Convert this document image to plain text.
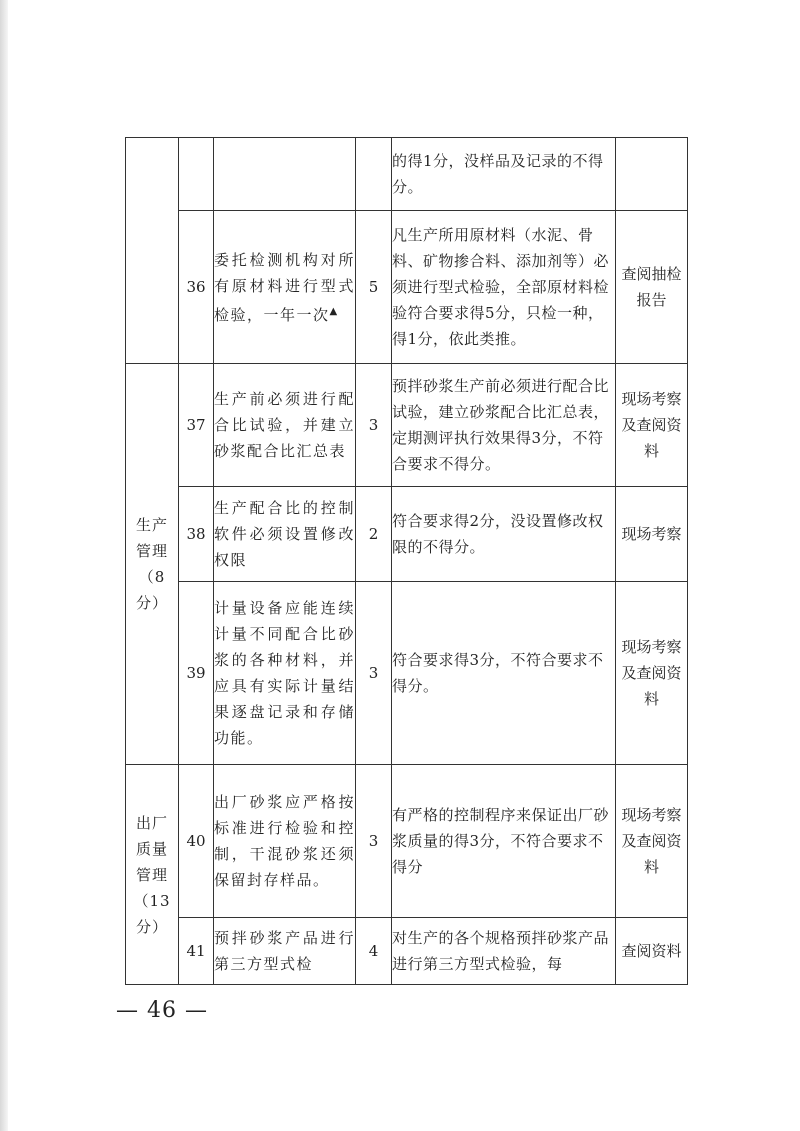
				的得1分，没样品及记录的不得分。	
	36	委托检测机构对所有原材料进行型式检验，一年一次▲	5	凡生产所用原材料（水泥、骨料、矿物掺合料、添加剂等）必须进行型式检验，全部原材料检验符合要求得5分，只检一种，得1分，依此类推。	查阅抽检报告

生产
管理
（8
分）	37	生产前必须进行配合比试验，并建立砂浆配合比汇总表	3	预拌砂浆生产前必须进行配合比试验，建立砂浆配合比汇总表，定期测评执行效果得3分，不符合要求不得分。	现场考察及查阅资料
	38	生产配合比的控制软件必须设置修改权限	2	符合要求得2分，没设置修改权限的不得分。	现场考察
	39	计量设备应能连续计量不同配合比砂浆的各种材料，并应具有实际计量结果逐盘记录和存储功能。	3	符合要求得3分，不符合要求不得分。	现场考察及查阅资料

出厂
质量
管理
（13
分）	40	出厂砂浆应严格按标准进行检验和控制，干混砂浆还须保留封存样品。	3	有严格的控制程序来保证出厂砂浆质量的得3分，不符合要求不得分	现场考察及查阅资料
	41	预拌砂浆产品进行第三方型式检	4	对生产的各个规格预拌砂浆产品进行第三方型式检验，每	查阅资料
— 46 —
